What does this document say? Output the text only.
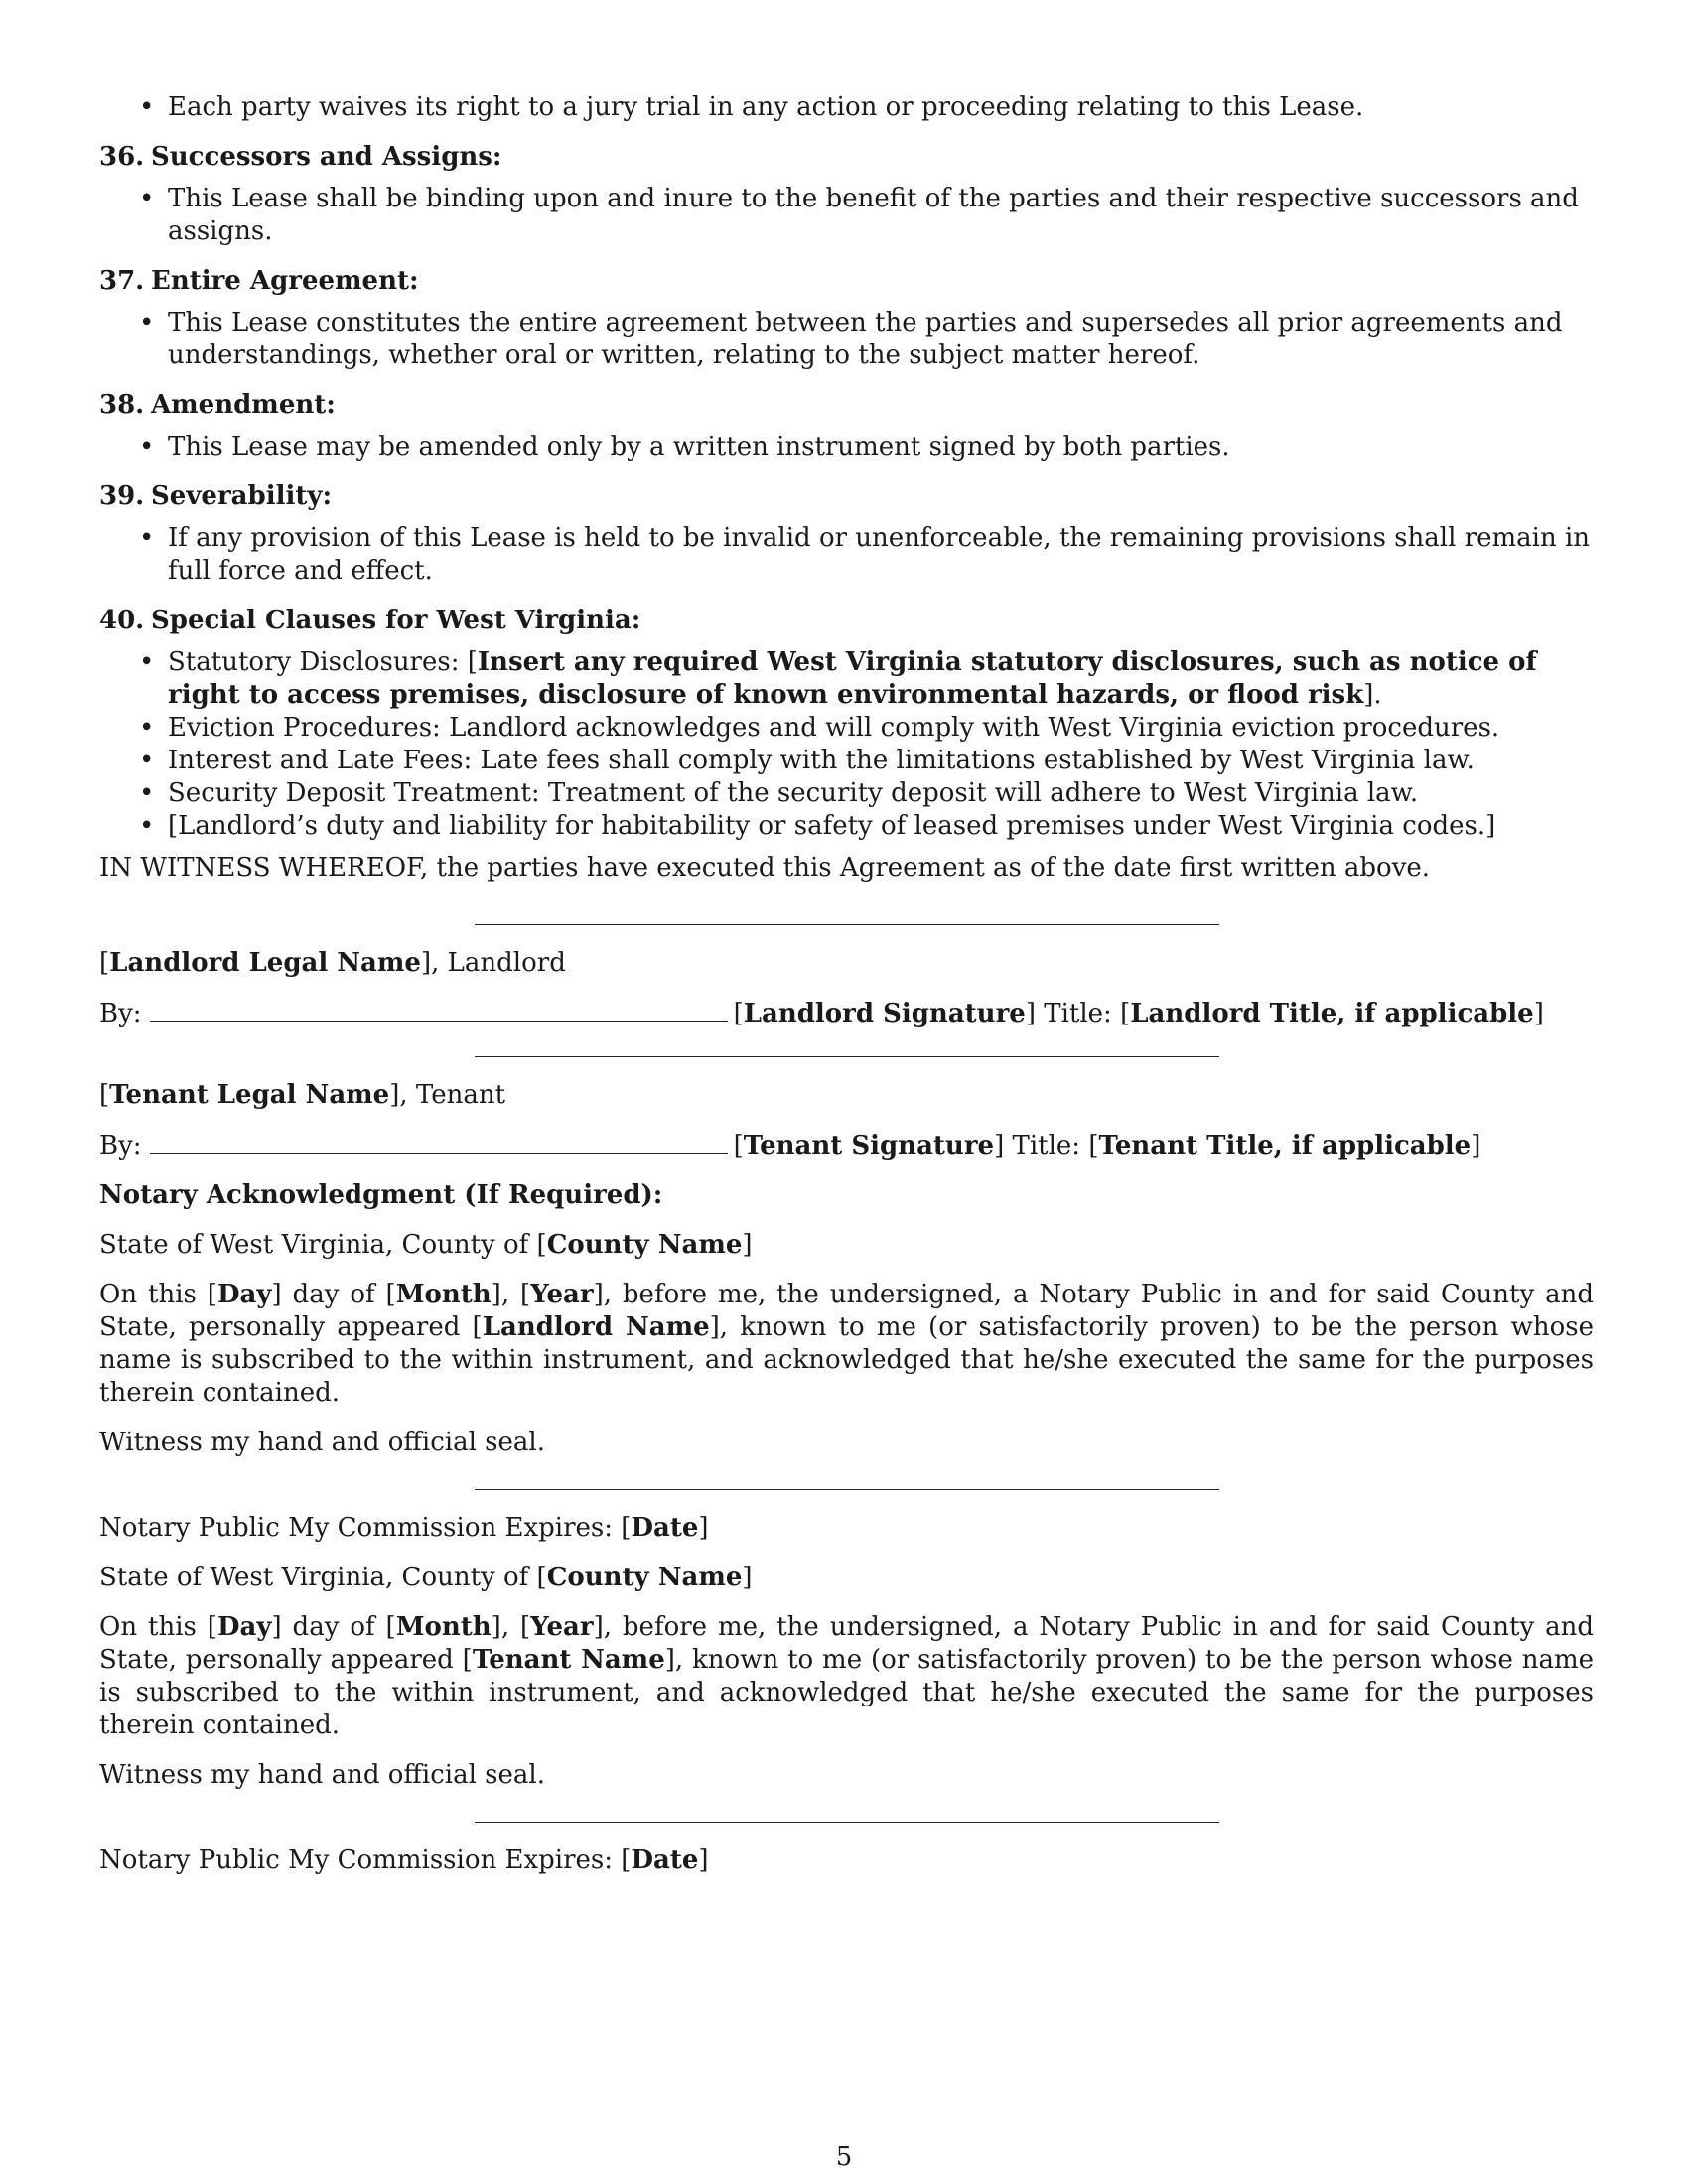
• Each party waives its right to a jury trial in any action or proceeding relating to this Lease.
36. Successors and Assigns:
• This Lease shall be binding upon and inure to the benefit of the parties and their respective successors and assigns.
37. Entire Agreement:
• This Lease constitutes the entire agreement between the parties and supersedes all prior agreements and understandings, whether oral or written, relating to the subject matter hereof.
38. Amendment:
• This Lease may be amended only by a written instrument signed by both parties.
39. Severability:
• If any provision of this Lease is held to be invalid or unenforceable, the remaining provisions shall remain in full force and effect.
40. Special Clauses for West Virginia:
• Statutory Disclosures: [Insert any required West Virginia statutory disclosures, such as notice of right to access premises, disclosure of known environmental hazards, or flood risk].
• Eviction Procedures: Landlord acknowledges and will comply with West Virginia eviction procedures.
• Interest and Late Fees: Late fees shall comply with the limitations established by West Virginia law.
• Security Deposit Treatment: Treatment of the security deposit will adhere to West Virginia law.
• [Landlord’s duty and liability for habitability or safety of leased premises under West Virginia codes.]

IN WITNESS WHEREOF, the parties have executed this Agreement as of the date first written above.

[Landlord Legal Name], Landlord

By:	[Landlord Signature] Title: [Landlord Title, if applicable]

[Tenant Legal Name], Tenant

By:	[Tenant Signature] Title: [Tenant Title, if applicable]

Notary Acknowledgment (If Required):

State of West Virginia, County of [County Name]

On this [Day] day of [Month], [Year], before me, the undersigned, a Notary Public in and for said County and State, personally appeared [Landlord Name], known to me (or satisfactorily proven) to be the person whose name is subscribed to the within instrument, and acknowledged that he/she executed the same for the purposes therein contained.

Witness my hand and official seal.

Notary Public My Commission Expires: [Date]

State of West Virginia, County of [County Name]

On this [Day] day of [Month], [Year], before me, the undersigned, a Notary Public in and for said County and State, personally appeared [Tenant Name], known to me (or satisfactorily proven) to be the person whose name is subscribed to the within instrument, and acknowledged that he/she executed the same for the purposes therein contained.

Witness my hand and official seal.

Notary Public My Commission Expires: [Date]

5
